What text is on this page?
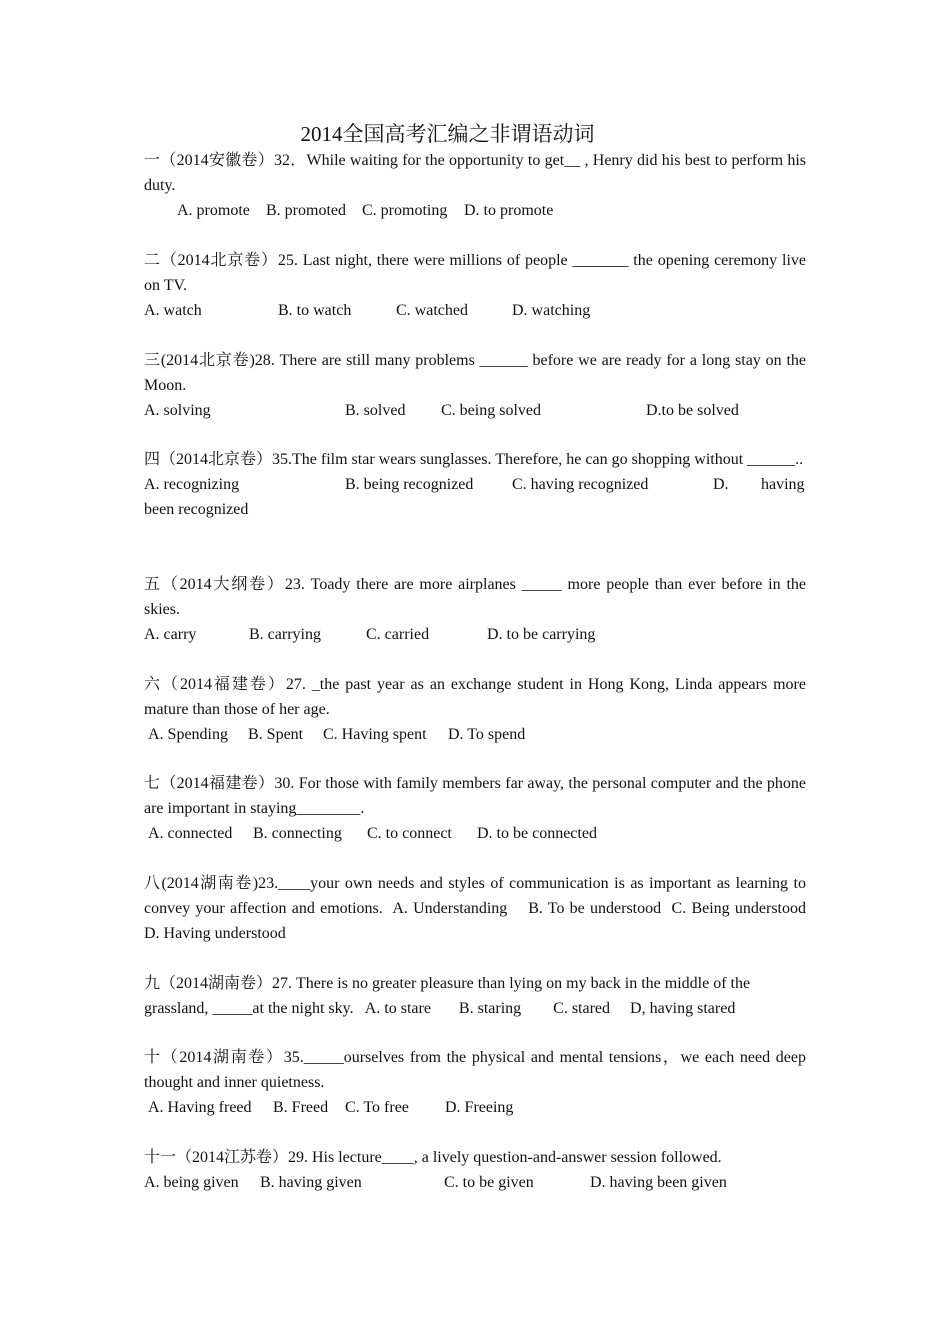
2014全国高考汇编之非谓语动词

一（2014安徽卷）32．While waiting for the opportunity to get__ , Henry did his best to perform his duty.

A. promote B. promoted C. promoting D. to promote

二（2014北京卷）25. Last night, there were millions of people _______ the opening ceremony live on TV.

A. watch	B. to watch	C. watched	D. watching

三(2014北京卷)28. There are still many problems ______ before we are ready for a long stay on the Moon.

A. solving	B. solved C. being solved	D.to be solved

四（2014北京卷）35.The film star wears sunglasses. Therefore, he can go shopping without ______..

A. recognizing	B. being recognized C. having recognized	D. having

been recognized

五（2014大纲卷）23. Toady there are more airplanes _____ more people than ever before in the skies.

A. carry	B. carrying	C. carried	D. to be carrying

六（2014福建卷）27. _the past year as an exchange student in Hong Kong, Linda appears more mature than those of her age.

A. Spending B. Spent C. Having spent D. To spend

七（2014福建卷）30. For those with family members far away, the personal computer and the phone are important in staying________.

A. connected B. connecting C. to connect D. to be connected

八(2014湖南卷)23.____your own needs and styles of communication is as important as learning to convey your affection and emotions.  A. Understanding    B. To be understood  C. Being understood      D. Having understood

九（2014湖南卷）27. There is no greater pleasure than lying on my back in the middle of the grassland, _____at the night sky.   A. to stare       B. staring        C. stared     D, having stared

十（2014湖南卷）35._____ourselves from the physical and mental tensions，we each need deep thought and inner quietness.

A. Having freed B. Freed C. To free D. Freeing

十一（2014江苏卷）29. His lecture____, a lively question-and-answer session followed.

A. being given B. having given	C. to be given	D. having been given
